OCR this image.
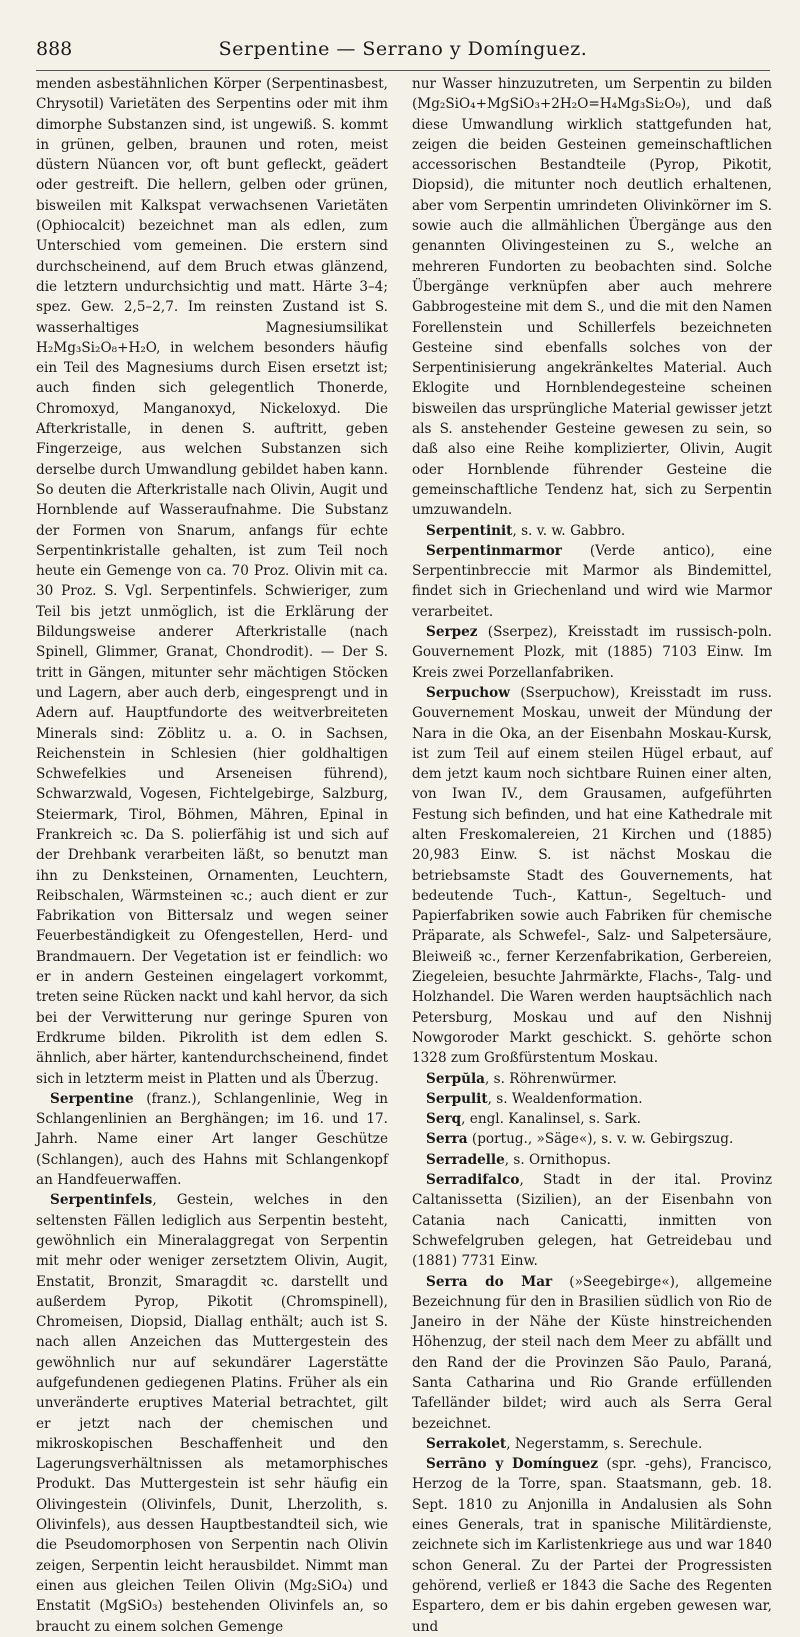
888	Serpentine — Serrano y Domínguez.

menden asbestähnlichen Körper (Serpentinasbest, Chrysotil) Varietäten des Serpentins oder mit ihm dimorphe Substanzen sind, ist ungewiß. S. kommt in grünen, gelben, braunen und roten, meist düstern Nüancen vor, oft bunt gefleckt, geädert oder gestreift. Die hellern, gelben oder grünen, bisweilen mit Kalkspat verwachsenen Varietäten (Ophiocalcit) bezeichnet man als edlen, zum Unterschied vom gemeinen. Die erstern sind durchscheinend, auf dem Bruch etwas glänzend, die letztern undurchsichtig und matt. Härte 3–4; spez. Gew. 2,5–2,7. Im reinsten Zustand ist S. wasserhaltiges Magnesiumsilikat H₂Mg₃Si₂O₈+H₂O, in welchem besonders häufig ein Teil des Magnesiums durch Eisen ersetzt ist; auch finden sich gelegentlich Thonerde, Chromoxyd, Manganoxyd, Nickeloxyd. Die Afterkristalle, in denen S. auftritt, geben Fingerzeige, aus welchen Substanzen sich derselbe durch Umwandlung gebildet haben kann. So deuten die Afterkristalle nach Olivin, Augit und Hornblende auf Wasseraufnahme. Die Substanz der Formen von Snarum, anfangs für echte Serpentinkristalle gehalten, ist zum Teil noch heute ein Gemenge von ca. 70 Proz. Olivin mit ca. 30 Proz. S. Vgl. Serpentinfels. Schwieriger, zum Teil bis jetzt unmöglich, ist die Erklärung der Bildungsweise anderer Afterkristalle (nach Spinell, Glimmer, Granat, Chondrodit). — Der S. tritt in Gängen, mitunter sehr mächtigen Stöcken und Lagern, aber auch derb, eingesprengt und in Adern auf. Hauptfundorte des weitverbreiteten Minerals sind: Zöblitz u. a. O. in Sachsen, Reichenstein in Schlesien (hier goldhaltigen Schwefelkies und Arseneisen führend), Schwarzwald, Vogesen, Fichtelgebirge, Salzburg, Steiermark, Tirol, Böhmen, Mähren, Epinal in Frankreich ꝛc. Da S. polierfähig ist und sich auf der Drehbank verarbeiten läßt, so benutzt man ihn zu Denksteinen, Ornamenten, Leuchtern, Reibschalen, Wärmsteinen ꝛc.; auch dient er zur Fabrikation von Bittersalz und wegen seiner Feuerbeständigkeit zu Ofengestellen, Herd- und Brandmauern. Der Vegetation ist er feindlich: wo er in andern Gesteinen eingelagert vorkommt, treten seine Rücken nackt und kahl hervor, da sich bei der Verwitterung nur geringe Spuren von Erdkrume bilden. Pikrolith ist dem edlen S. ähnlich, aber härter, kantendurchscheinend, findet sich in letzterm meist in Platten und als Überzug.

Serpentine (franz.), Schlangenlinie, Weg in Schlangenlinien an Berghängen; im 16. und 17. Jahrh. Name einer Art langer Geschütze (Schlangen), auch des Hahns mit Schlangenkopf an Handfeuerwaffen.

Serpentinfels, Gestein, welches in den seltensten Fällen lediglich aus Serpentin besteht, gewöhnlich ein Mineralaggregat von Serpentin mit mehr oder weniger zersetztem Olivin, Augit, Enstatit, Bronzit, Smaragdit ꝛc. darstellt und außerdem Pyrop, Pikotit (Chromspinell), Chromeisen, Diopsid, Diallag enthält; auch ist S. nach allen Anzeichen das Muttergestein des gewöhnlich nur auf sekundärer Lagerstätte aufgefundenen gediegenen Platins. Früher als ein unveränderte eruptives Material betrachtet, gilt er jetzt nach der chemischen und mikroskopischen Beschaffenheit und den Lagerungsverhältnissen als metamorphisches Produkt. Das Muttergestein ist sehr häufig ein Olivingestein (Olivinfels, Dunit, Lherzolith, s. Olivinfels), aus dessen Hauptbestandteil sich, wie die Pseudomorphosen von Serpentin nach Olivin zeigen, Serpentin leicht herausbildet. Nimmt man einen aus gleichen Teilen Olivin (Mg₂SiO₄) und Enstatit (MgSiO₃) bestehenden Olivinfels an, so braucht zu einem solchen Gemenge

nur Wasser hinzuzutreten, um Serpentin zu bilden (Mg₂SiO₄+MgSiO₃+2H₂O=H₄Mg₃Si₂O₉), und daß diese Umwandlung wirklich stattgefunden hat, zeigen die beiden Gesteinen gemeinschaftlichen accessorischen Bestandteile (Pyrop, Pikotit, Diopsid), die mitunter noch deutlich erhaltenen, aber vom Serpentin umrindeten Olivinkörner im S. sowie auch die allmählichen Übergänge aus den genannten Olivingesteinen zu S., welche an mehreren Fundorten zu beobachten sind. Solche Übergänge verknüpfen aber auch mehrere Gabbrogesteine mit dem S., und die mit den Namen Forellenstein und Schillerfels bezeichneten Gesteine sind ebenfalls solches von der Serpentinisierung angekränkeltes Material. Auch Eklogite und Hornblendegesteine scheinen bisweilen das ursprüngliche Material gewisser jetzt als S. anstehender Gesteine gewesen zu sein, so daß also eine Reihe komplizierter, Olivin, Augit oder Hornblende führender Gesteine die gemeinschaftliche Tendenz hat, sich zu Serpentin umzuwandeln.

Serpentinit, s. v. w. Gabbro.

Serpentinmarmor (Verde antico), eine Serpentinbreccie mit Marmor als Bindemittel, findet sich in Griechenland und wird wie Marmor verarbeitet.

Serpez (Sserpez), Kreisstadt im russisch-poln. Gouvernement Plozk, mit (1885) 7103 Einw. Im Kreis zwei Porzellanfabriken.

Serpuchow (Sserpuchow), Kreisstadt im russ. Gouvernement Moskau, unweit der Mündung der Nara in die Oka, an der Eisenbahn Moskau-Kursk, ist zum Teil auf einem steilen Hügel erbaut, auf dem jetzt kaum noch sichtbare Ruinen einer alten, von Iwan IV., dem Grausamen, aufgeführten Festung sich befinden, und hat eine Kathedrale mit alten Freskomalereien, 21 Kirchen und (1885) 20,983 Einw. S. ist nächst Moskau die betriebsamste Stadt des Gouvernements, hat bedeutende Tuch-, Kattun-, Segeltuch- und Papierfabriken sowie auch Fabriken für chemische Präparate, als Schwefel-, Salz- und Salpetersäure, Bleiweiß ꝛc., ferner Kerzenfabrikation, Gerbereien, Ziegeleien, besuchte Jahrmärkte, Flachs-, Talg- und Holzhandel. Die Waren werden hauptsächlich nach Petersburg, Moskau und auf den Nishnij Nowgoroder Markt geschickt. S. gehörte schon 1328 zum Großfürstentum Moskau.

Serpŭla, s. Röhrenwürmer.

Serpulit, s. Wealdenformation.

Serq, engl. Kanalinsel, s. Sark.

Serra (portug., »Säge«), s. v. w. Gebirgszug.

Serradelle, s. Ornithopus.

Serradifalco, Stadt in der ital. Provinz Caltanissetta (Sizilien), an der Eisenbahn von Catania nach Canicatti, inmitten von Schwefelgruben gelegen, hat Getreidebau und (1881) 7731 Einw.

Serra do Mar (»Seegebirge«), allgemeine Bezeichnung für den in Brasilien südlich von Rio de Janeiro in der Nähe der Küste hinstreichenden Höhenzug, der steil nach dem Meer zu abfällt und den Rand der die Provinzen São Paulo, Paraná, Santa Catharina und Rio Grande erfüllenden Tafelländer bildet; wird auch als Serra Geral bezeichnet.

Serrakolet, Negerstamm, s. Serechule.

Serrāno y Domínguez (spr. -gehs), Francisco, Herzog de la Torre, span. Staatsmann, geb. 18. Sept. 1810 zu Anjonilla in Andalusien als Sohn eines Generals, trat in spanische Militärdienste, zeichnete sich im Karlistenkriege aus und war 1840 schon General. Zu der Partei der Progressisten gehörend, verließ er 1843 die Sache des Regenten Espartero, dem er bis dahin ergeben gewesen war, und
